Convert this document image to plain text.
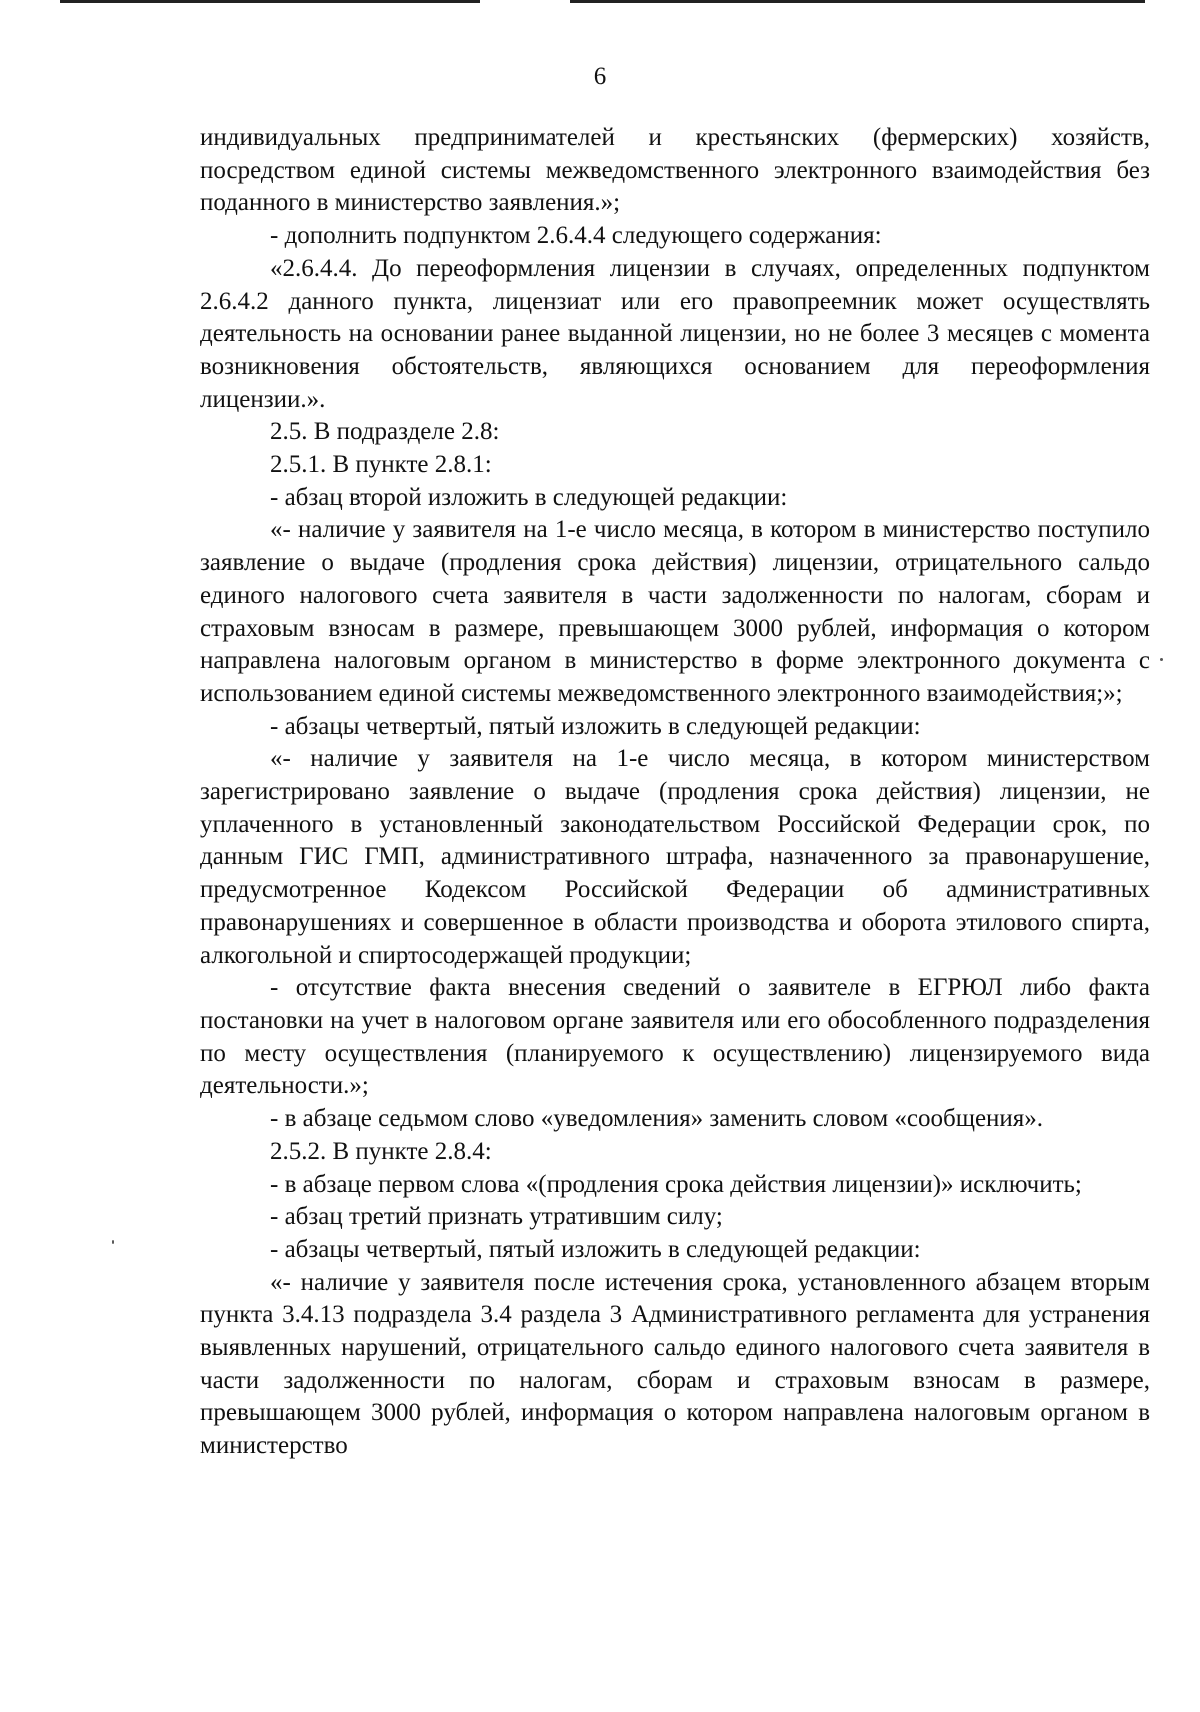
6

индивидуальных предпринимателей и крестьянских (фермерских) хозяйств, посредством единой системы межведомственного электронного взаимодействия без поданного в министерство заявления.»;

- дополнить подпунктом 2.6.4.4 следующего содержания:

«2.6.4.4. До переоформления лицензии в случаях, определенных подпунктом 2.6.4.2 данного пункта, лицензиат или его правопреемник может осуществлять деятельность на основании ранее выданной лицензии, но не более 3 месяцев с момента возникновения обстоятельств, являющихся основанием для переоформления лицензии.».

2.5. В подразделе 2.8:

2.5.1. В пункте 2.8.1:

- абзац второй изложить в следующей редакции:

«- наличие у заявителя на 1-е число месяца, в котором в министерство поступило заявление о выдаче (продления срока действия) лицензии, отрицательного сальдо единого налогового счета заявителя в части задолженности по налогам, сборам и страховым взносам в размере, превышающем 3000 рублей, информация о котором направлена налоговым органом в министерство в форме электронного документа с использованием единой системы межведомственного электронного взаимодействия;»;

- абзацы четвертый, пятый изложить в следующей редакции:

«- наличие у заявителя на 1-е число месяца, в котором министерством зарегистрировано заявление о выдаче (продления срока действия) лицензии, не уплаченного в установленный законодательством Российской Федерации срок, по данным ГИС ГМП, административного штрафа, назначенного за правонарушение, предусмотренное Кодексом Российской Федерации об административных правонарушениях и совершенное в области производства и оборота этилового спирта, алкогольной и спиртосодержащей продукции;

- отсутствие факта внесения сведений о заявителе в ЕГРЮЛ либо факта постановки на учет в налоговом органе заявителя или его обособленного подразделения по месту осуществления (планируемого к осуществлению) лицензируемого вида деятельности.»;

- в абзаце седьмом слово «уведомления» заменить словом «сообщения».

2.5.2. В пункте 2.8.4:

- в абзаце первом слова «(продления срока действия лицензии)» исключить;

- абзац третий признать утратившим силу;

- абзацы четвертый, пятый изложить в следующей редакции:

«- наличие у заявителя после истечения срока, установленного абзацем вторым пункта 3.4.13 подраздела 3.4 раздела 3 Административного регламента для устранения выявленных нарушений, отрицательного сальдо единого налогового счета заявителя в части задолженности по налогам, сборам и страховым взносам в размере, превышающем 3000 рублей, информация о котором направлена налоговым органом в министерство
